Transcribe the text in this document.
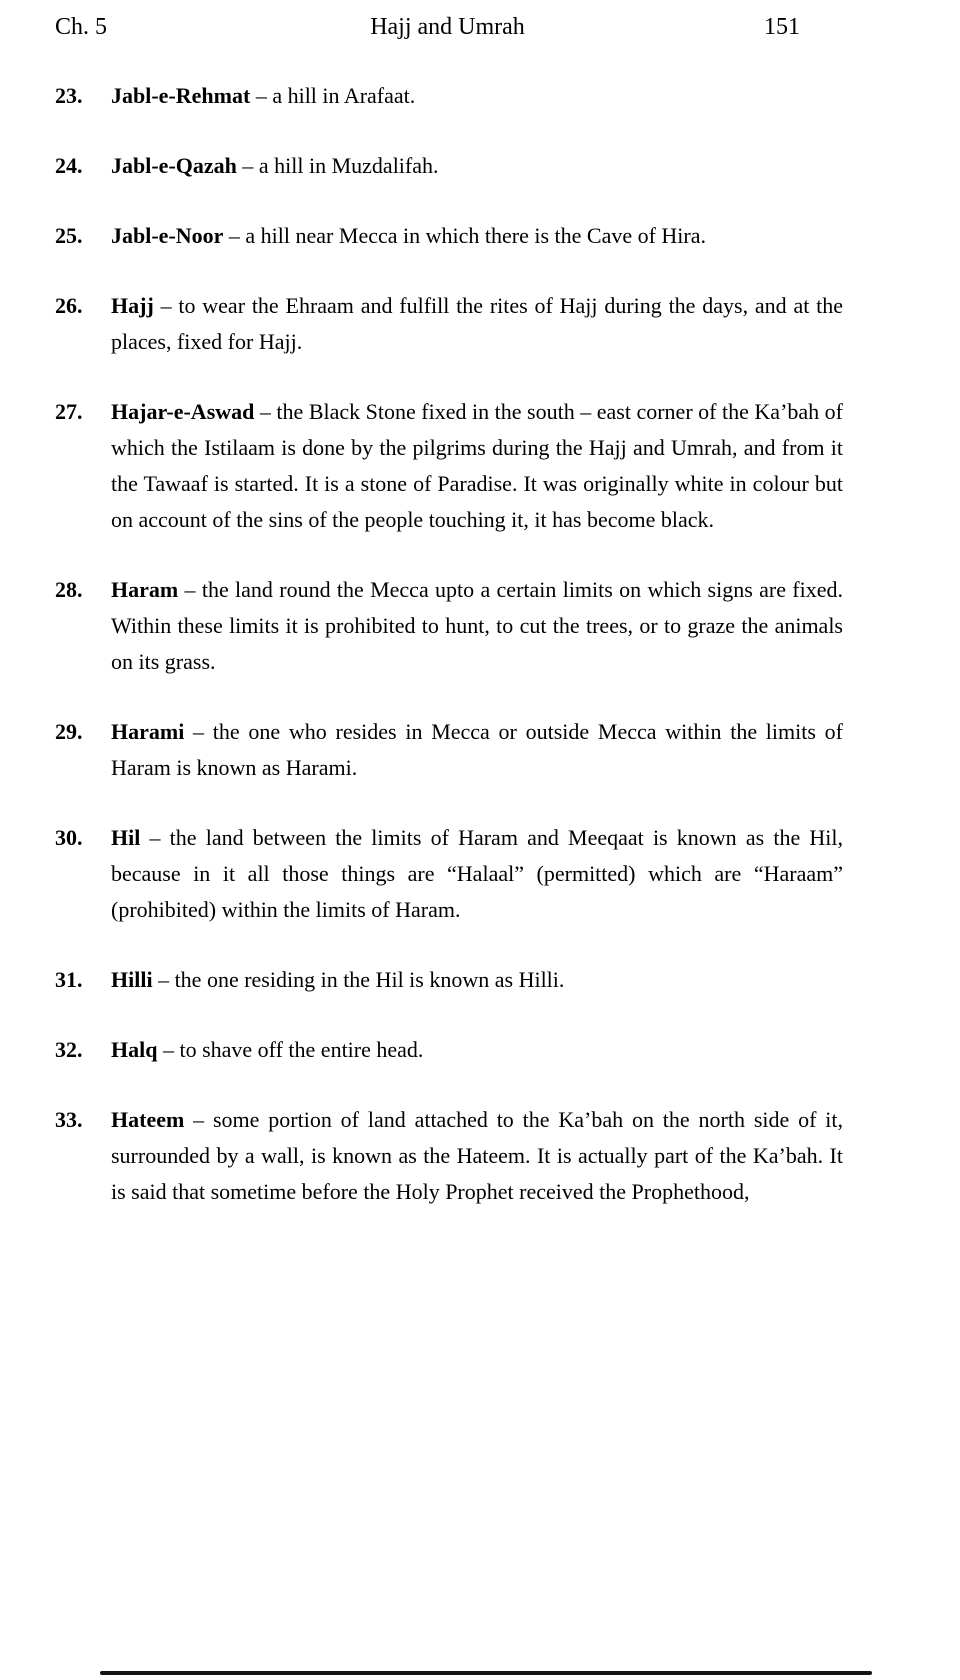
Ch. 5	Hajj and Umrah	151
23.	Jabl-e-Rehmat – a hill in Arafaat.
24.	Jabl-e-Qazah – a hill in Muzdalifah.
25.	Jabl-e-Noor – a hill near Mecca in which there is the Cave of Hira.
26.	Hajj – to wear the Ehraam and fulfill the rites of Hajj during the days, and at the places, fixed for Hajj.
27.	Hajar-e-Aswad – the Black Stone fixed in the south – east corner of the Ka’bah of which the Istilaam is done by the pilgrims during the Hajj and Umrah, and from it the Tawaaf is started. It is a stone of Paradise. It was originally white in colour but on account of the sins of the people touching it, it has become black.
28.	Haram – the land round the Mecca upto a certain limits on which signs are fixed. Within these limits it is prohibited to hunt, to cut the trees, or to graze the animals on its grass.
29.	Harami – the one who resides in Mecca or outside Mecca within the limits of Haram is known as Harami.
30.	Hil – the land between the limits of Haram and Meeqaat is known as the Hil, because in it all those things are “Halaal” (permitted) which are “Haraam” (prohibited) within the limits of Haram.
31.	Hilli – the one residing in the Hil is known as Hilli.
32.	Halq – to shave off the entire head.
33.	Hateem – some portion of land attached to the Ka’bah on the north side of it, surrounded by a wall, is known as the Hateem. It is actually part of the Ka’bah. It is said that sometime before the Holy Prophet received the Prophethood,
